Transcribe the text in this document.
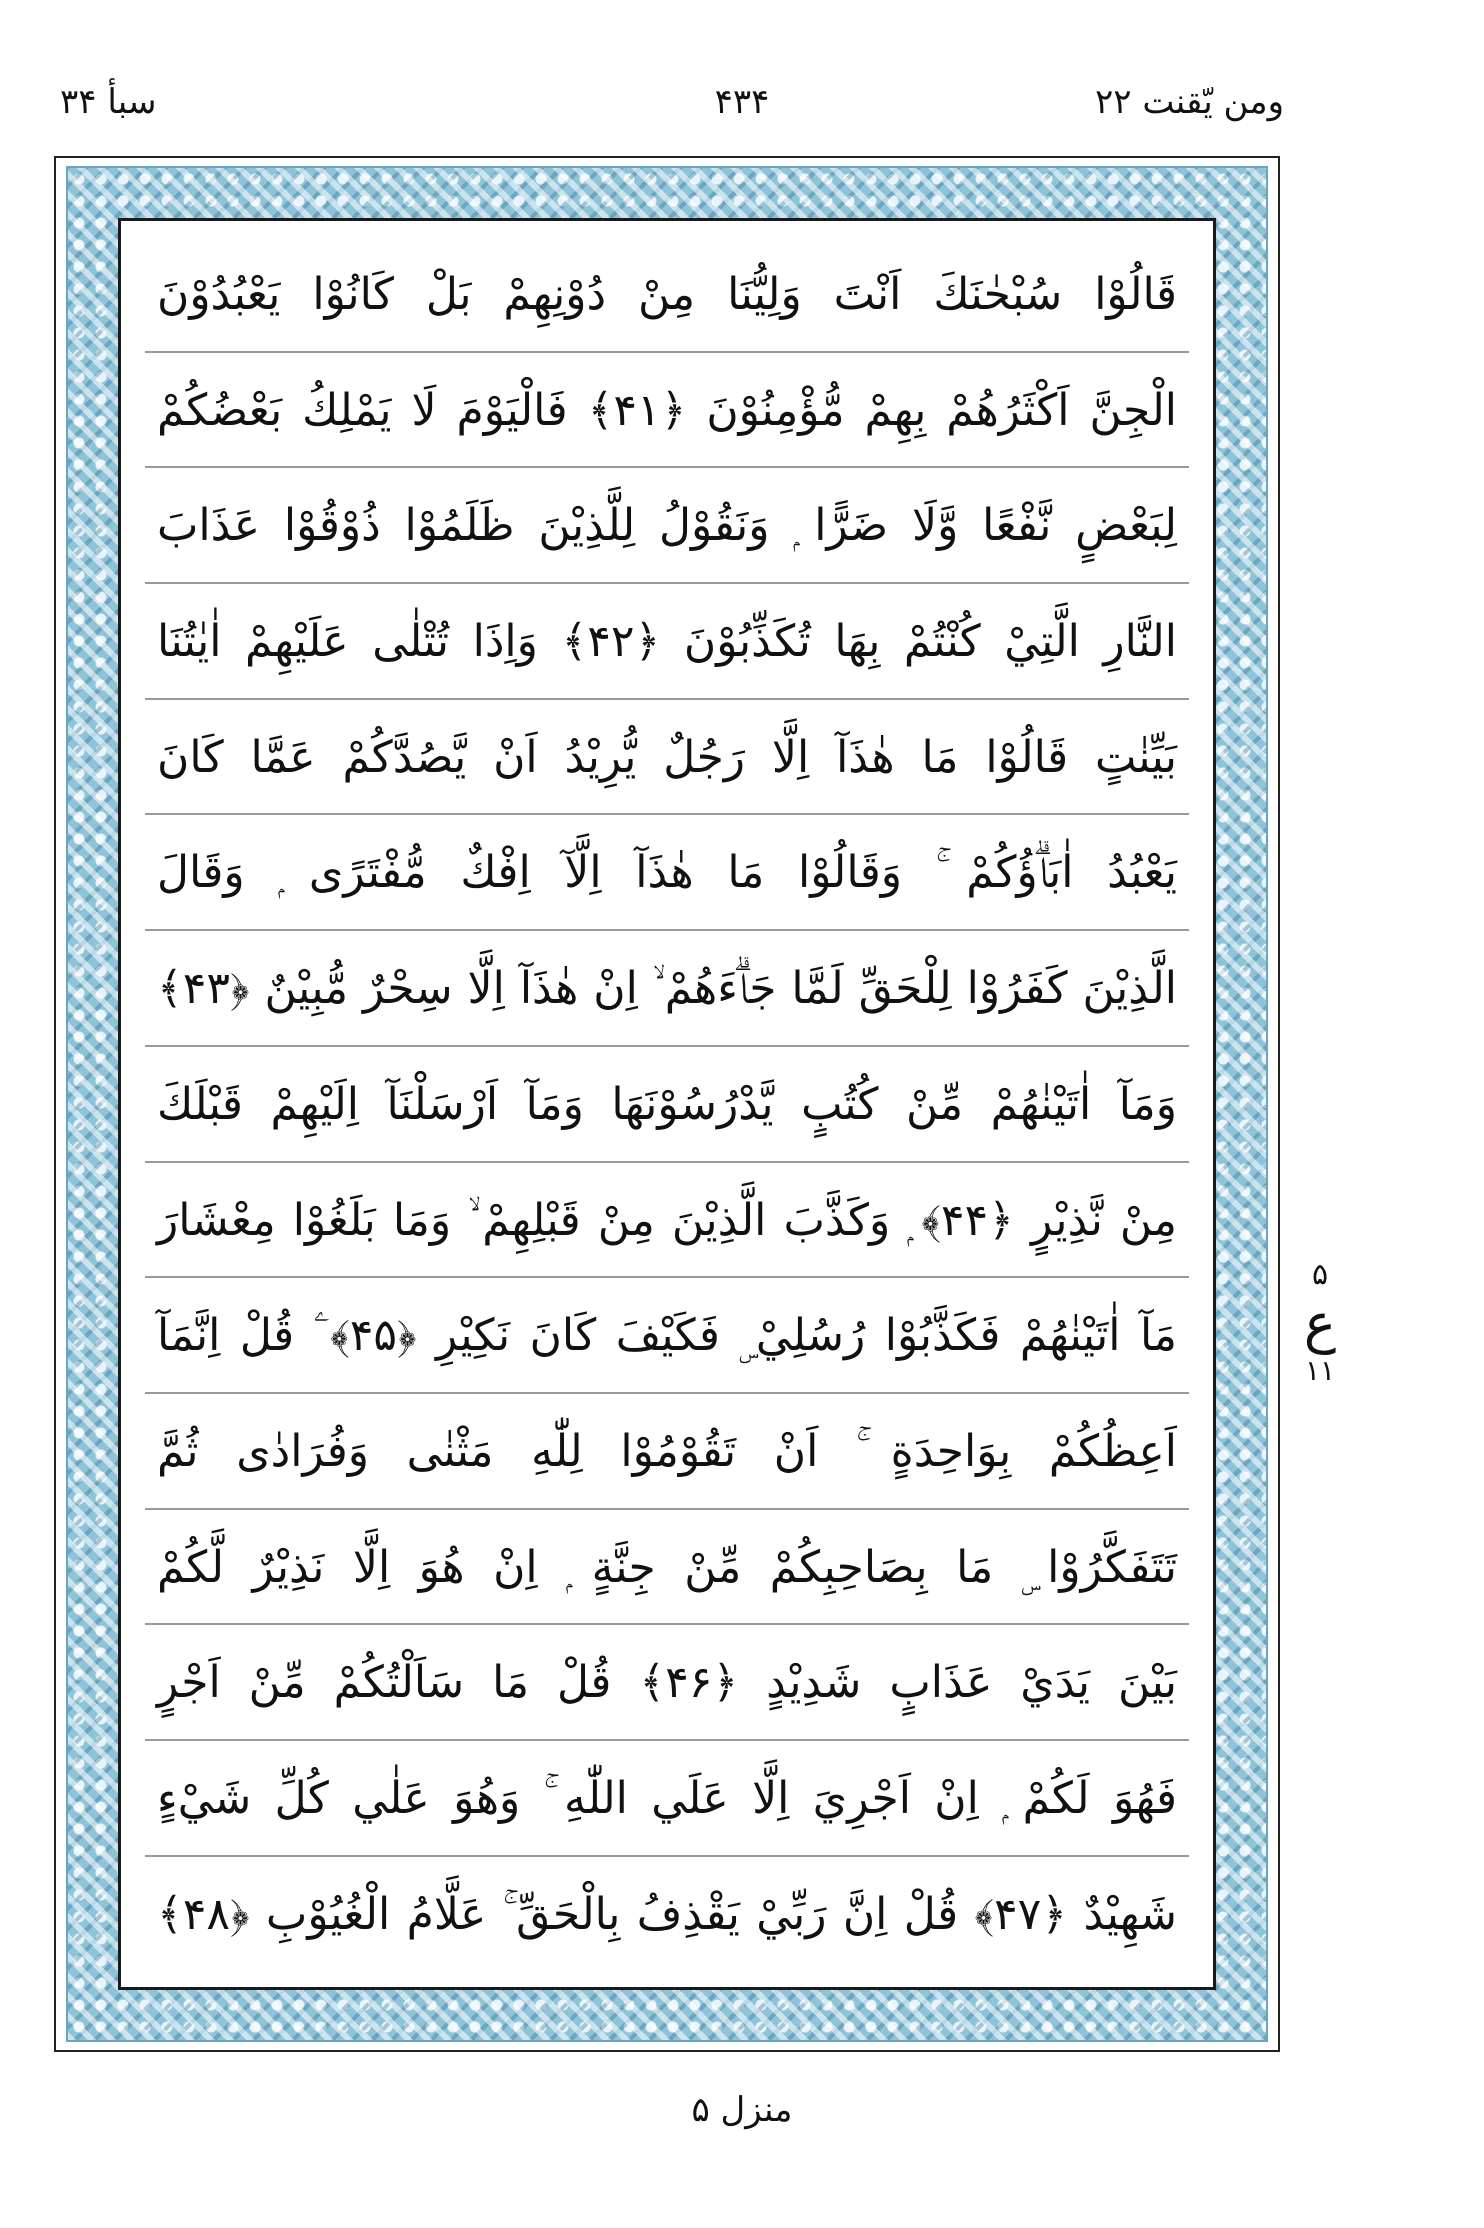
سبأ ۳۴	۴۳۴	ومن يّقنت ۲۲
قَالُوْا سُبْحٰنَكَ اَنْتَ وَلِيُّنَا مِنْ دُوْنِهِمْ بَلْ كَانُوْا يَعْبُدُوْنَ
الْجِنَّ اَكْثَرُهُمْ بِهِمْ مُّؤْمِنُوْنَ ﴿۴۱﴾ فَالْيَوْمَ لَا يَمْلِكُ بَعْضُكُمْ
لِبَعْضٍ نَّفْعًا وَّلَا ضَرًّا ۭ وَنَقُوْلُ لِلَّذِيْنَ ظَلَمُوْا ذُوْقُوْا عَذَابَ
النَّارِ الَّتِيْ كُنْتُمْ بِهَا تُكَذِّبُوْنَ ﴿۴۲﴾ وَاِذَا تُتْلٰى عَلَيْهِمْ اٰيٰتُنَا
بَيِّنٰتٍ قَالُوْا مَا هٰذَآ اِلَّا رَجُلٌ يُّرِيْدُ اَنْ يَّصُدَّكُمْ عَمَّا كَانَ
يَعْبُدُ اٰبَاۗؤُكُمْ ۚ وَقَالُوْا مَا هٰذَآ اِلَّآ اِفْكٌ مُّفْتَرًى ۭ وَقَالَ
الَّذِيْنَ كَفَرُوْا لِلْحَقِّ لَمَّا جَاۗءَهُمْ ۙ اِنْ هٰذَآ اِلَّا سِحْرٌ مُّبِيْنٌ ﴿۴۳﴾
وَمَآ اٰتَيْنٰهُمْ مِّنْ كُتُبٍ يَّدْرُسُوْنَهَا وَمَآ اَرْسَلْنَآ اِلَيْهِمْ قَبْلَكَ
مِنْ نَّذِيْرٍ ﴿۴۴﴾ ۭ وَكَذَّبَ الَّذِيْنَ مِنْ قَبْلِهِمْ ۙ وَمَا بَلَغُوْا مِعْشَارَ
مَآ اٰتَيْنٰهُمْ فَكَذَّبُوْا رُسُلِيْ ۣ فَكَيْفَ كَانَ نَكِيْرِ ﴿۴۵﴾ ۧ قُلْ اِنَّمَآ
اَعِظُكُمْ بِوَاحِدَةٍ ۚ اَنْ تَقُوْمُوْا لِلّٰهِ مَثْنٰى وَفُرَادٰى ثُمَّ
تَتَفَكَّرُوْا ۣ مَا بِصَاحِبِكُمْ مِّنْ جِنَّةٍ ۭ اِنْ هُوَ اِلَّا نَذِيْرٌ لَّكُمْ
بَيْنَ يَدَيْ عَذَابٍ شَدِيْدٍ ﴿۴۶﴾ قُلْ مَا سَاَلْتُكُمْ مِّنْ اَجْرٍ
فَهُوَ لَكُمْ ۭ اِنْ اَجْرِيَ اِلَّا عَلَي اللّٰهِ ۚ وَهُوَ عَلٰي كُلِّ شَيْءٍ
شَهِيْدٌ ﴿۴۷﴾ قُلْ اِنَّ رَبِّيْ يَقْذِفُ بِالْحَقِّ ۚ عَلَّامُ الْغُيُوْبِ ﴿۴۸﴾
۵
ع
۱۱
منزل ۵
